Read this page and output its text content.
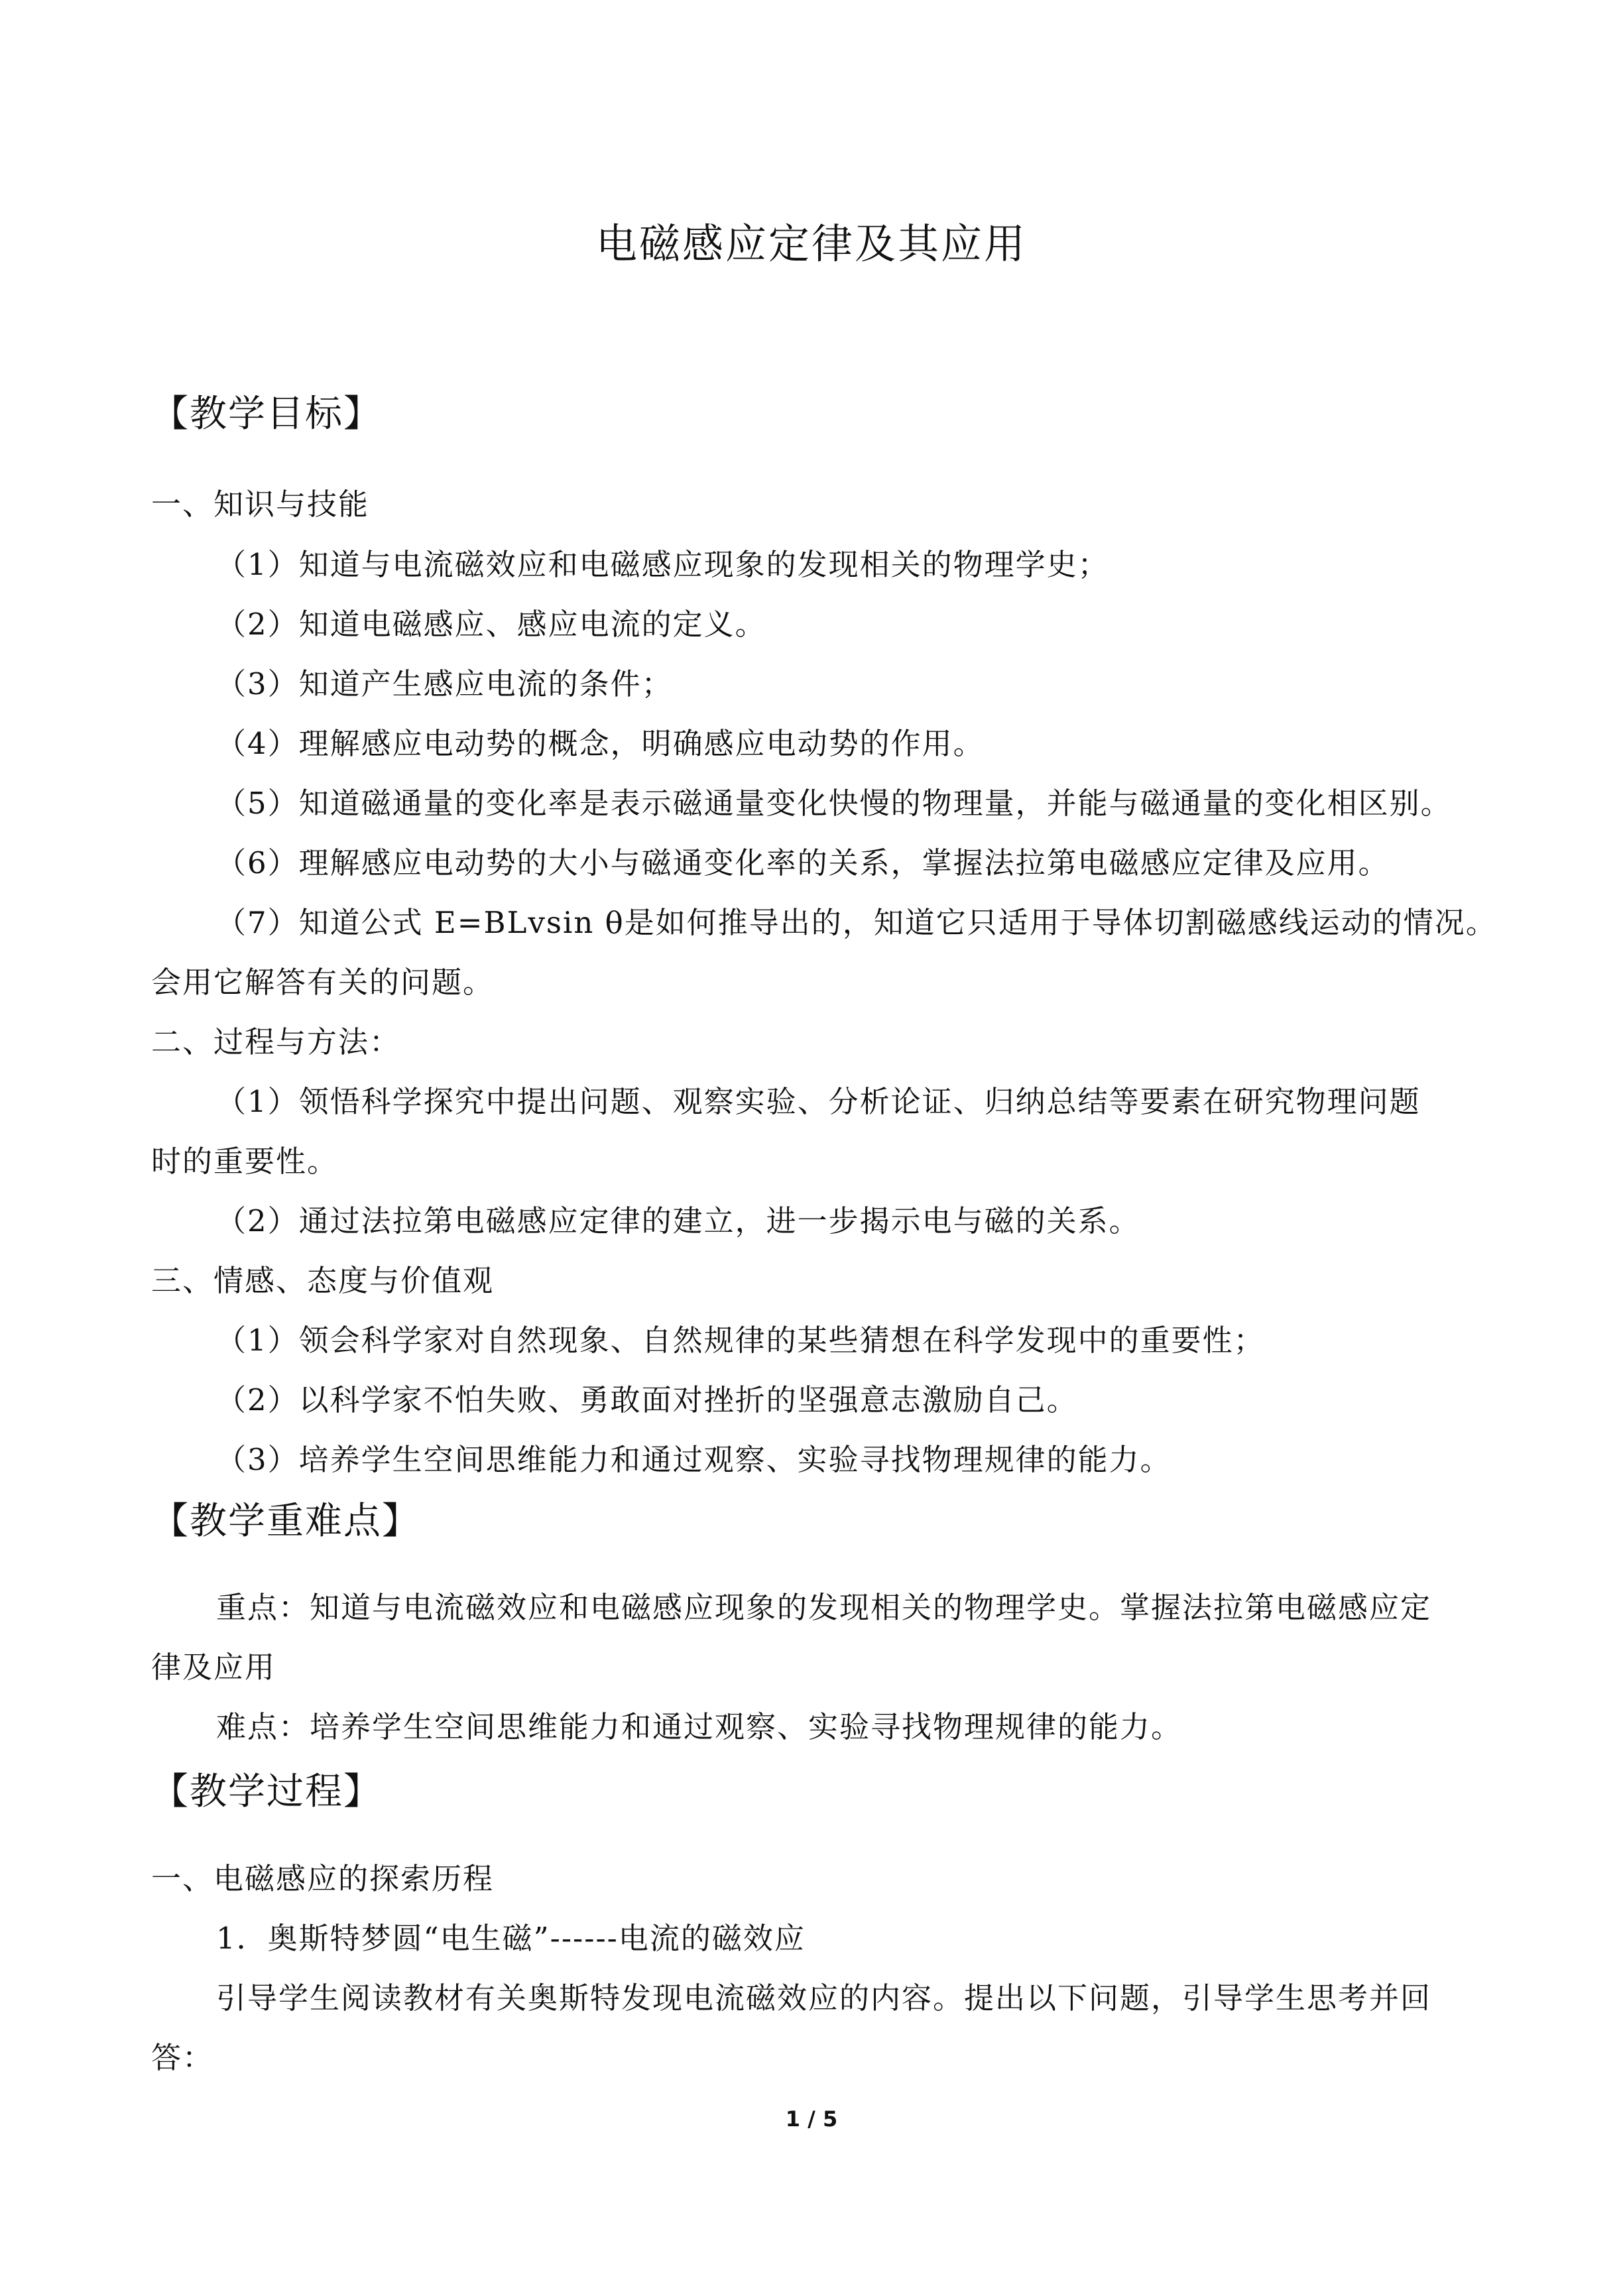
电磁感应定律及其应用
【教学目标】
一、知识与技能
（1）知道与电流磁效应和电磁感应现象的发现相关的物理学史；
（2）知道电磁感应、感应电流的定义。
（3）知道产生感应电流的条件；
（4）理解感应电动势的概念，明确感应电动势的作用。
（5）知道磁通量的变化率是表示磁通量变化快慢的物理量，并能与磁通量的变化相区别。
（6）理解感应电动势的大小与磁通变化率的关系，掌握法拉第电磁感应定律及应用。
（7）知道公式 E=BLvsin θ是如何推导出的，知道它只适用于导体切割磁感线运动的情况。
会用它解答有关的问题。
二、过程与方法：
（1）领悟科学探究中提出问题、观察实验、分析论证、归纳总结等要素在研究物理问题
时的重要性。
（2）通过法拉第电磁感应定律的建立，进一步揭示电与磁的关系。
三、情感、态度与价值观
（1）领会科学家对自然现象、自然规律的某些猜想在科学发现中的重要性；
（2）以科学家不怕失败、勇敢面对挫折的坚强意志激励自己。
（3）培养学生空间思维能力和通过观察、实验寻找物理规律的能力。
【教学重难点】
重点：知道与电流磁效应和电磁感应现象的发现相关的物理学史。掌握法拉第电磁感应定
律及应用
难点：培养学生空间思维能力和通过观察、实验寻找物理规律的能力。
【教学过程】
一、电磁感应的探索历程
1．奥斯特梦圆“电生磁”------电流的磁效应
引导学生阅读教材有关奥斯特发现电流磁效应的内容。提出以下问题，引导学生思考并回
答：
1 / 5
